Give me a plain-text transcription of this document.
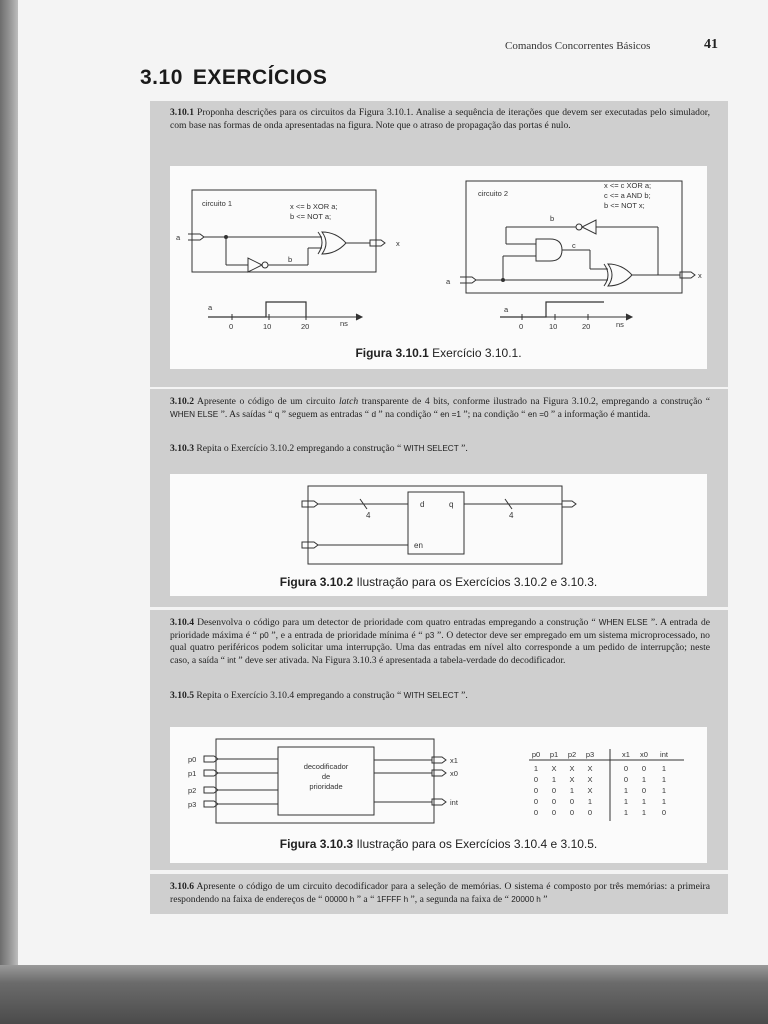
Comandos Concorrentes Básicos	41
3.10 EXERCÍCIOS
3.10.1 Proponha descrições para os circuitos da Figura 3.10.1. Analise a sequência de iterações que devem ser executadas pelo simulador, com base nas formas de onda apresentadas na figura. Note que o atraso de propagação das portas é nulo.
circuito 1	x <= b XOR a;
b <= NOT a;
a
x
b
circuito 2
x <= c XOR a;
c <= a AND b;
b <= NOT x;
b
c
a
x
a
0	10	20	ns
a
0	10	20	ns
Figura 3.10.1 Exercício 3.10.1.
3.10.2 Apresente o código de um circuito latch transparente de 4 bits, conforme ilustrado na Figura 3.10.2, empregando a construção “ WHEN ELSE ”. As saídas “ q ” seguem as entradas “ d ” na condição “ en =1 ”; na condição “ en =0 ” a informação é mantida.
3.10.3 Repita o Exercício 3.10.2 empregando a construção “ WITH SELECT ”.
d	q
en
4	4
Figura 3.10.2 Ilustração para os Exercícios 3.10.2 e 3.10.3.
3.10.4 Desenvolva o código para um detector de prioridade com quatro entradas empregando a construção “ WHEN ELSE ”. A entrada de prioridade máxima é “ p0 ”, e a entrada de prioridade mínima é “ p3 ”. O detector deve ser empregado em um sistema microprocessado, no qual quatro periféricos podem solicitar uma interrupção. Uma das entradas em nível alto corresponde a um pedido de interrupção; neste caso, a saída “ int ” deve ser ativada. Na Figura 3.10.3 é apresentada a tabela-verdade do decodificador.
3.10.5 Repita o Exercício 3.10.4 empregando a construção “ WITH SELECT ”.
p0
p1
p2
p3
x1
x0
int
decodificador
de
prioridade
p0 p1 p2 p3	x1 x0 int
1 X X X	0 0 1
0 1 X X	0 1 1
0 0 1 X	1 0 1
0 0 0 1	1 1 1
0 0 0 0	1 1 0
Figura 3.10.3 Ilustração para os Exercícios 3.10.4 e 3.10.5.
3.10.6 Apresente o código de um circuito decodificador para a seleção de memórias. O sistema é composto por três memórias: a primeira respondendo na faixa de endereços de “ 00000 h ” a “ 1FFFF h ”, a segunda na faixa de “ 20000 h ”
